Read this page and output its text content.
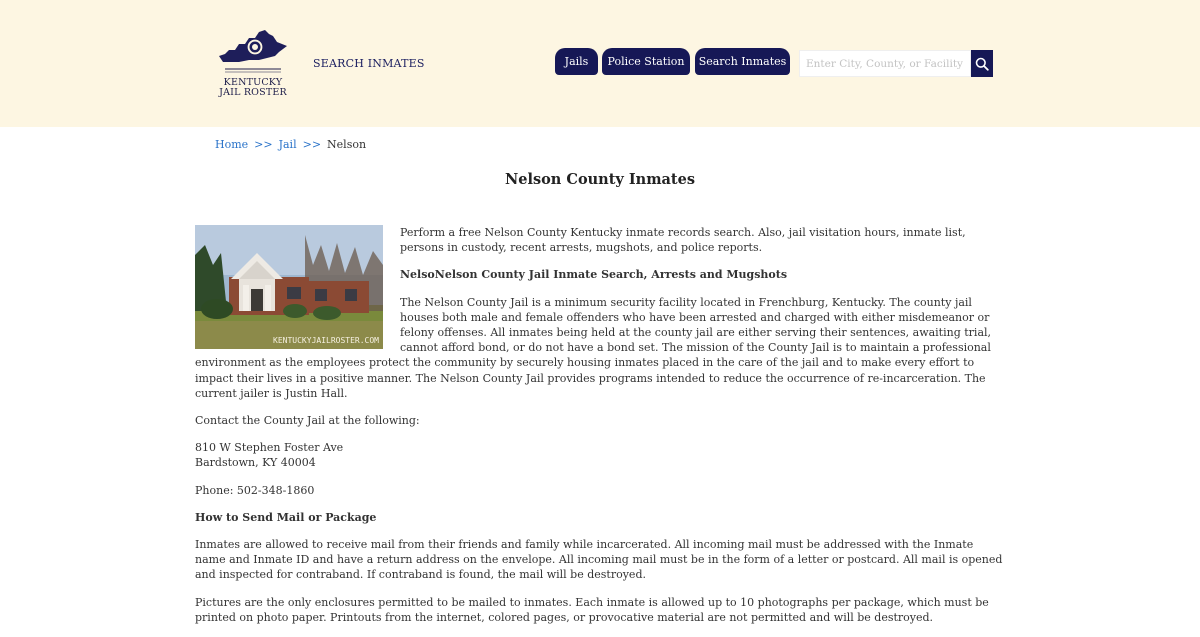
KENTUCKY
JAIL ROSTER
SEARCH INMATES	Jails	Police Station	Search Inmates
Enter City, County, or Facility
Home >> Jail >> Nelson
Nelson County Inmates
KENTUCKYJAILROSTER.COM

Perform a free Nelson County Kentucky inmate records search. Also, jail visitation hours, inmate list, persons in custody, recent arrests, mugshots, and police reports.

NelsoNelson County Jail Inmate Search, Arrests and Mugshots

The Nelson County Jail is a minimum security facility located in Frenchburg, Kentucky. The county jail houses both male and female offenders who have been arrested and charged with either misdemeanor or felony offenses. All inmates being held at the county jail are either serving their sentences, awaiting trial, cannot afford bond, or do not have a bond set. The mission of the County Jail is to maintain a professional environment as the employees protect the community by securely housing inmates placed in the care of the jail and to make every effort to impact their lives in a positive manner. The Nelson County Jail provides programs intended to reduce the occurrence of re-incarceration. The current jailer is Justin Hall.

Contact the County Jail at the following:

810 W Stephen Foster Ave
Bardstown, KY 40004

Phone: 502-348-1860

How to Send Mail or Package

Inmates are allowed to receive mail from their friends and family while incarcerated. All incoming mail must be addressed with the Inmate name and Inmate ID and have a return address on the envelope. All incoming mail must be in the form of a letter or postcard. All mail is opened and inspected for contraband. If contraband is found, the mail will be destroyed.

Pictures are the only enclosures permitted to be mailed to inmates. Each inmate is allowed up to 10 photographs per package, which must be printed on photo paper. Printouts from the internet, colored pages, or provocative material are not permitted and will be destroyed.
